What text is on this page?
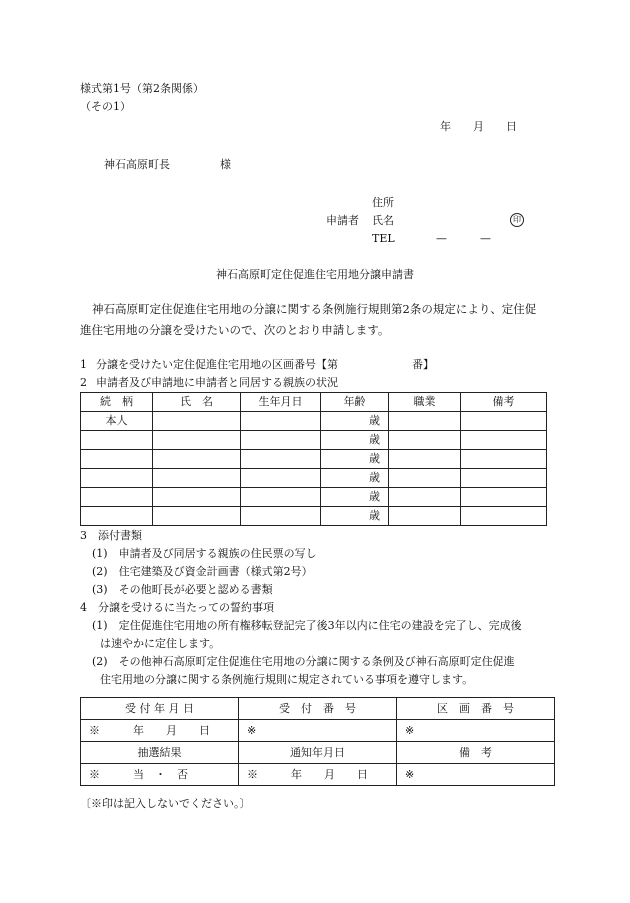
様式第1号（第2条関係）
（その1）
年　　月　　日
神石高原町長	様
住所
申請者 氏名	印
TEL	—　　　—
神石高原町定住促進住宅用地分譲申請書
神石高原町定住促進住宅用地の分譲に関する条例施行規則第2条の規定により、定住促
進住宅用地の分譲を受けたいので、次のとおり申請します。
1 分譲を受けたい定住促進住宅用地の区画番号【第	番】
2 申請者及び申請地に申請者と同居する親族の状況
続　柄	氏　名	生年月日	年齢	職業	備考
本人			歳		
			歳		
			歳		
			歳		
			歳		
			歳		
3　添付書類
(1)　申請者及び同居する親族の住民票の写し
(2)　住宅建築及び資金計画書（様式第2号）
(3)　その他町長が必要と認める書類
4　分譲を受けるに当たっての誓約事項
(1)　定住促進住宅用地の所有権移転登記完了後3年以内に住宅の建設を完了し、完成後
は速やかに定住します。
(2)　その他神石高原町定住促進住宅用地の分譲に関する条例及び神石高原町定住促進
住宅用地の分譲に関する条例施行規則に規定されている事項を遵守します。
受 付 年 月 日	受　付　番　号	区　画　番　号
※　　　年　　月　　日	※	※
抽選結果	通知年月日	備　考
※　　　当　・　否	※　　　年　　月　　日	※
〔※印は記入しないでください。〕
